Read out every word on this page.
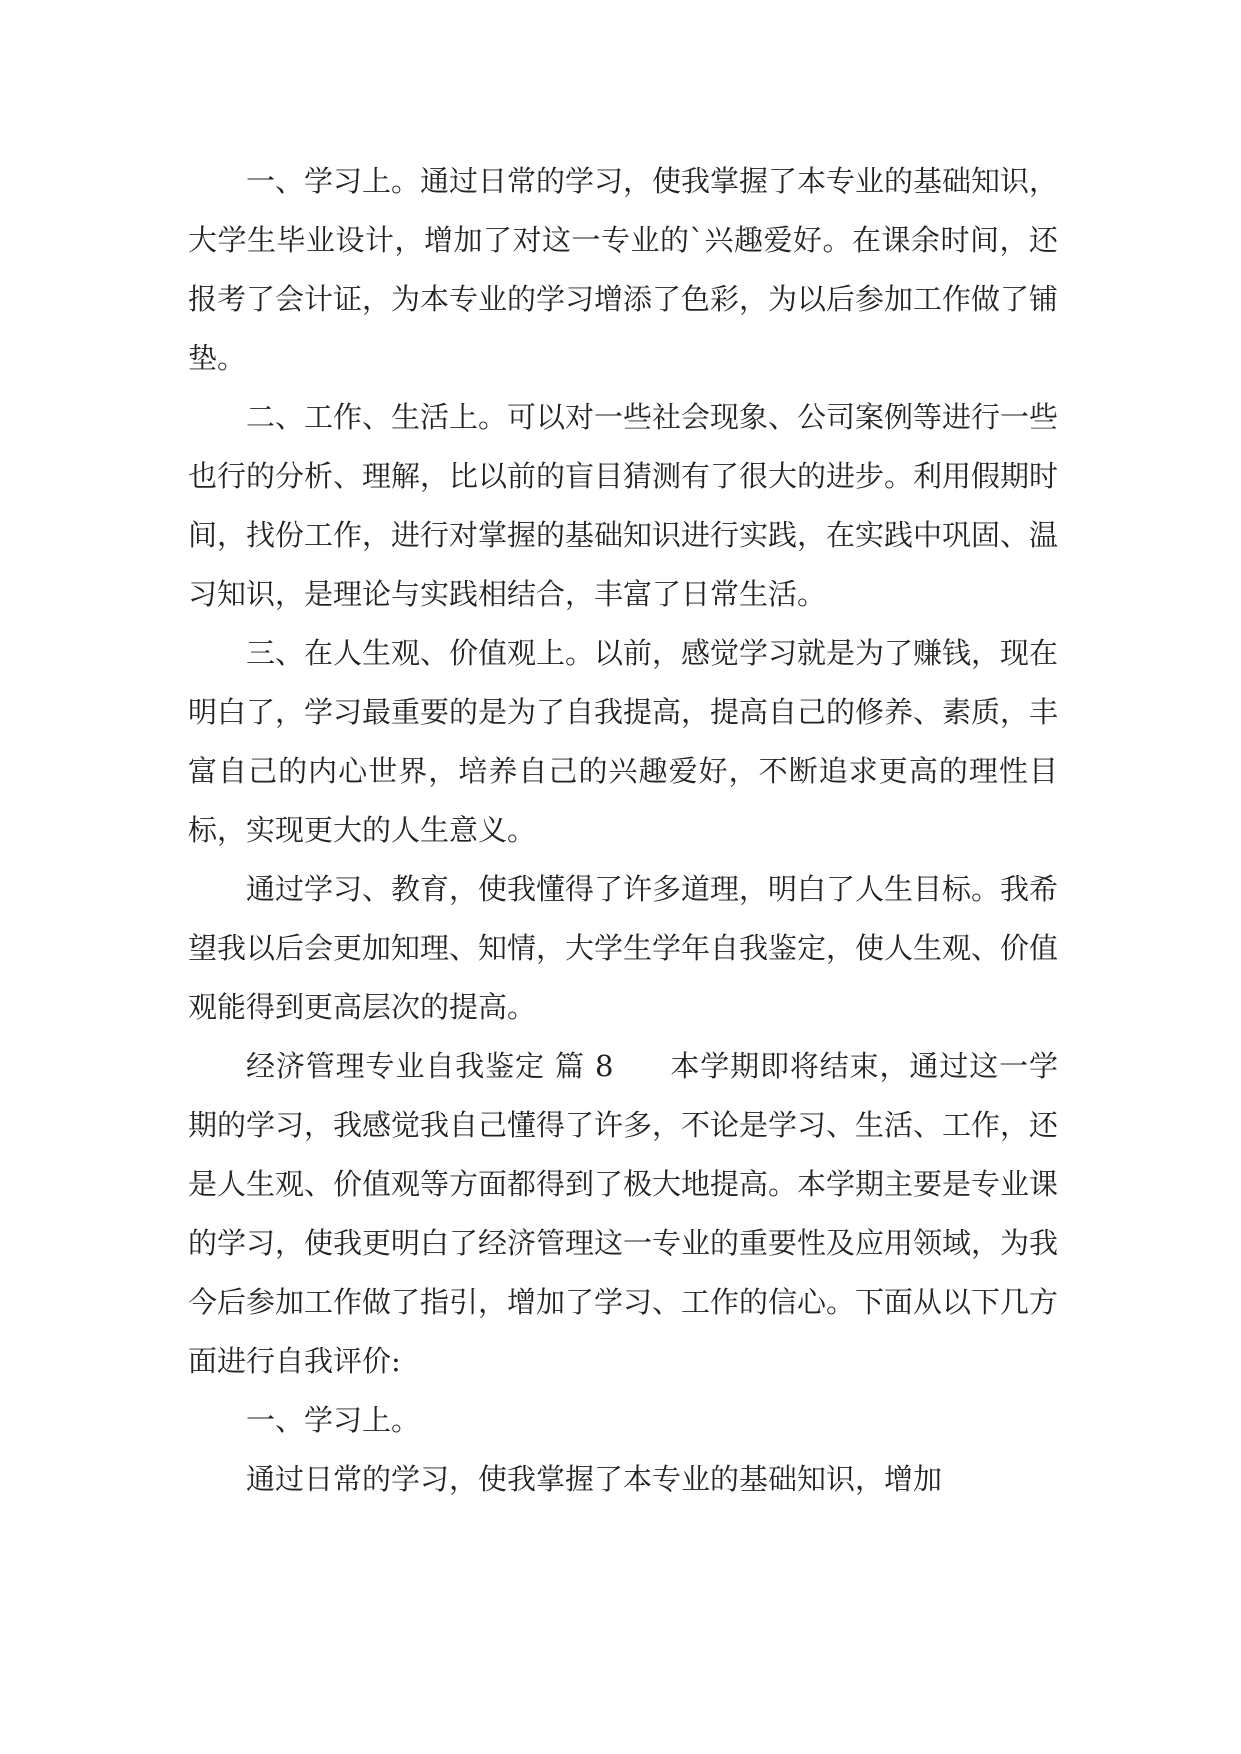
一、学习上。通过日常的学习，使我掌握了本专业的基础知识，大学生毕业设计，增加了对这一专业的`兴趣爱好。在课余时间，还报考了会计证，为本专业的学习增添了色彩，为以后参加工作做了铺垫。

二、工作、生活上。可以对一些社会现象、公司案例等进行一些也行的分析、理解，比以前的盲目猜测有了很大的进步。利用假期时间，找份工作，进行对掌握的基础知识进行实践，在实践中巩固、温习知识，是理论与实践相结合，丰富了日常生活。

三、在人生观、价值观上。以前，感觉学习就是为了赚钱，现在明白了，学习最重要的是为了自我提高，提高自己的修养、素质，丰富自己的内心世界，培养自己的兴趣爱好，不断追求更高的理性目标，实现更大的人生意义。

通过学习、教育，使我懂得了许多道理，明白了人生目标。我希望我以后会更加知理、知情，大学生学年自我鉴定，使人生观、价值观能得到更高层次的提高。

经济管理专业自我鉴定 篇 8 本学期即将结束，通过这一学期的学习，我感觉我自己懂得了许多，不论是学习、生活、工作，还是人生观、价值观等方面都得到了极大地提高。本学期主要是专业课的学习，使我更明白了经济管理这一专业的重要性及应用领域，为我今后参加工作做了指引，增加了学习、工作的信心。下面从以下几方面进行自我评价:

一、学习上。

通过日常的学习，使我掌握了本专业的基础知识，增加
